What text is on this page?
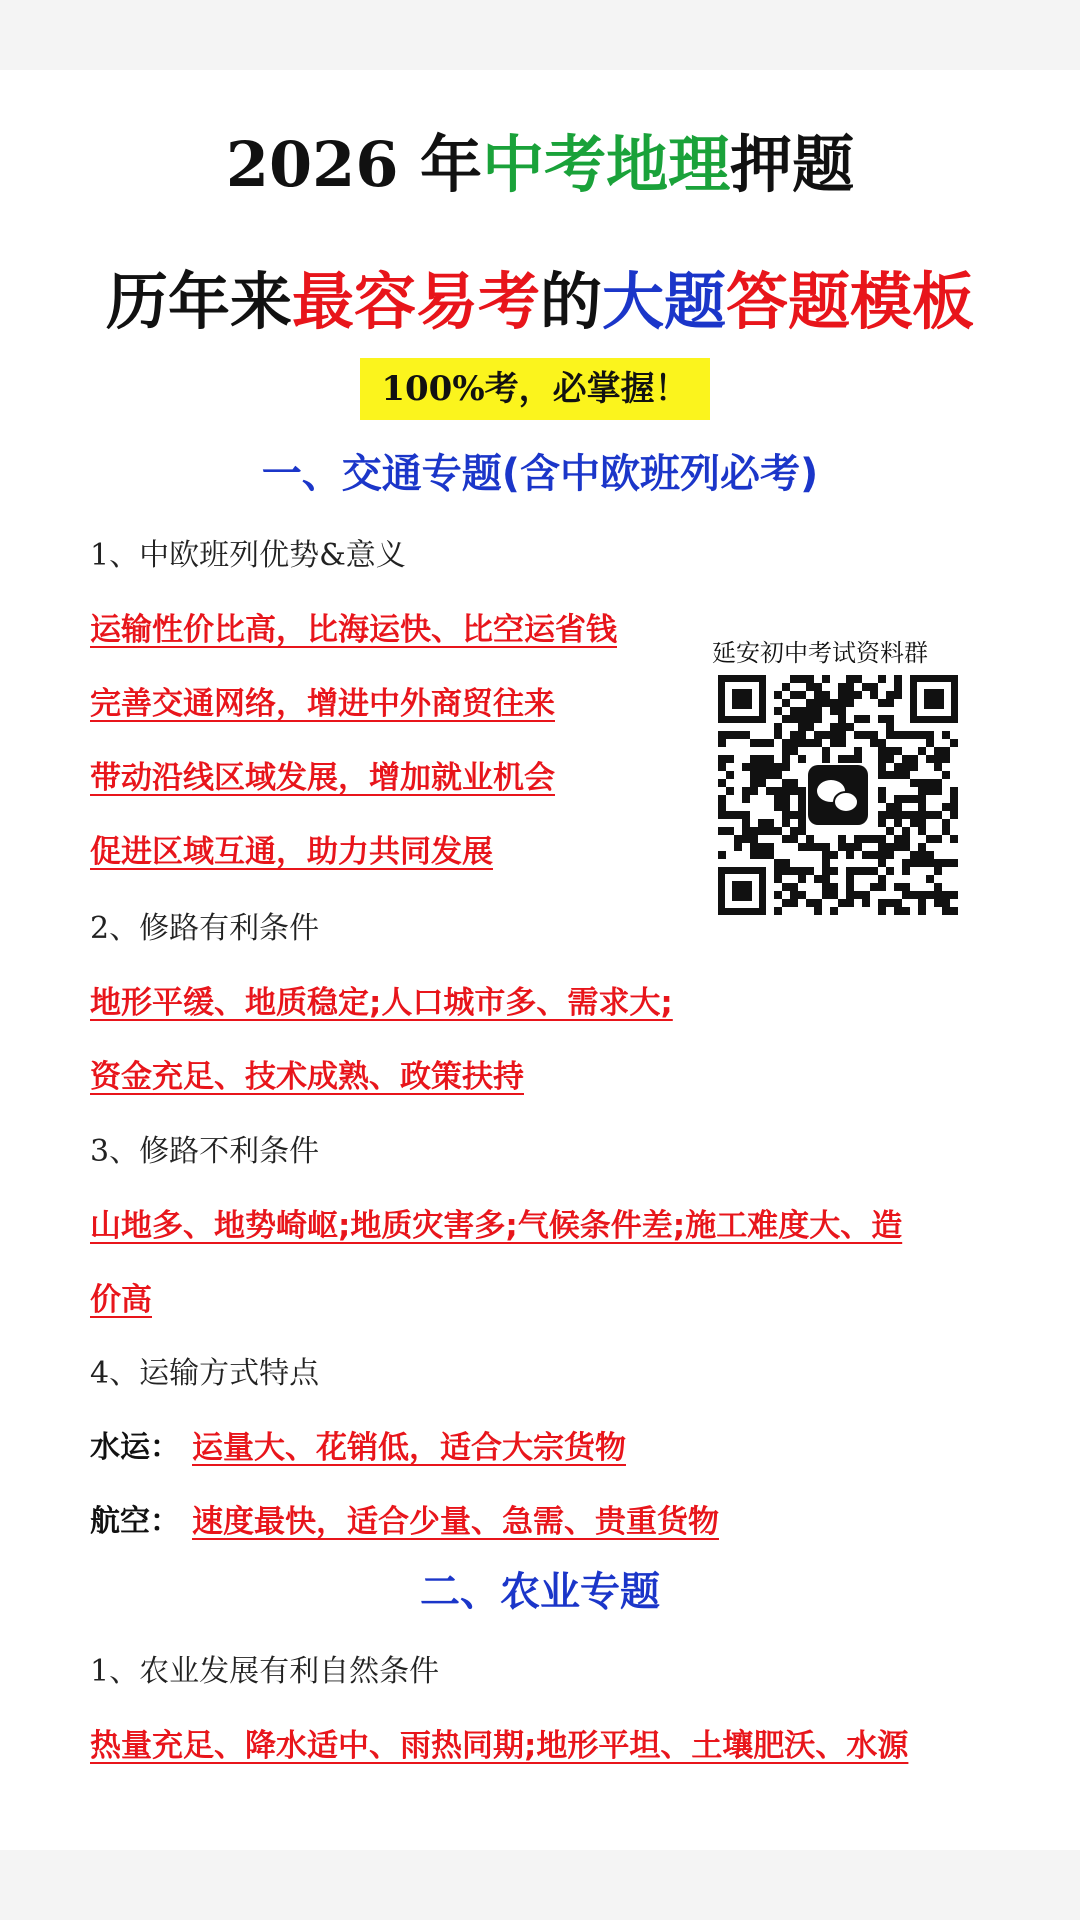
2026 年中考地理押题
历年来最容易考的大题答题模板
100%考，必掌握！
一、交通专题(含中欧班列必考)
1、中欧班列优势&意义
运输性价比高，比海运快、比空运省钱
完善交通网络，增进中外商贸往来
带动沿线区域发展，增加就业机会
促进区域互通，助力共同发展
延安初中考试资料群
2、修路有利条件
地形平缓、地质稳定;人口城市多、需求大;
资金充足、技术成熟、政策扶持
3、修路不利条件
山地多、地势崎岖;地质灾害多;气候条件差;施工难度大、造
价高
4、运输方式特点
水运： 运量大、花销低，适合大宗货物
航空： 速度最快，适合少量、急需、贵重货物
二、农业专题
1、农业发展有利自然条件
热量充足、降水适中、雨热同期;地形平坦、土壤肥沃、水源
